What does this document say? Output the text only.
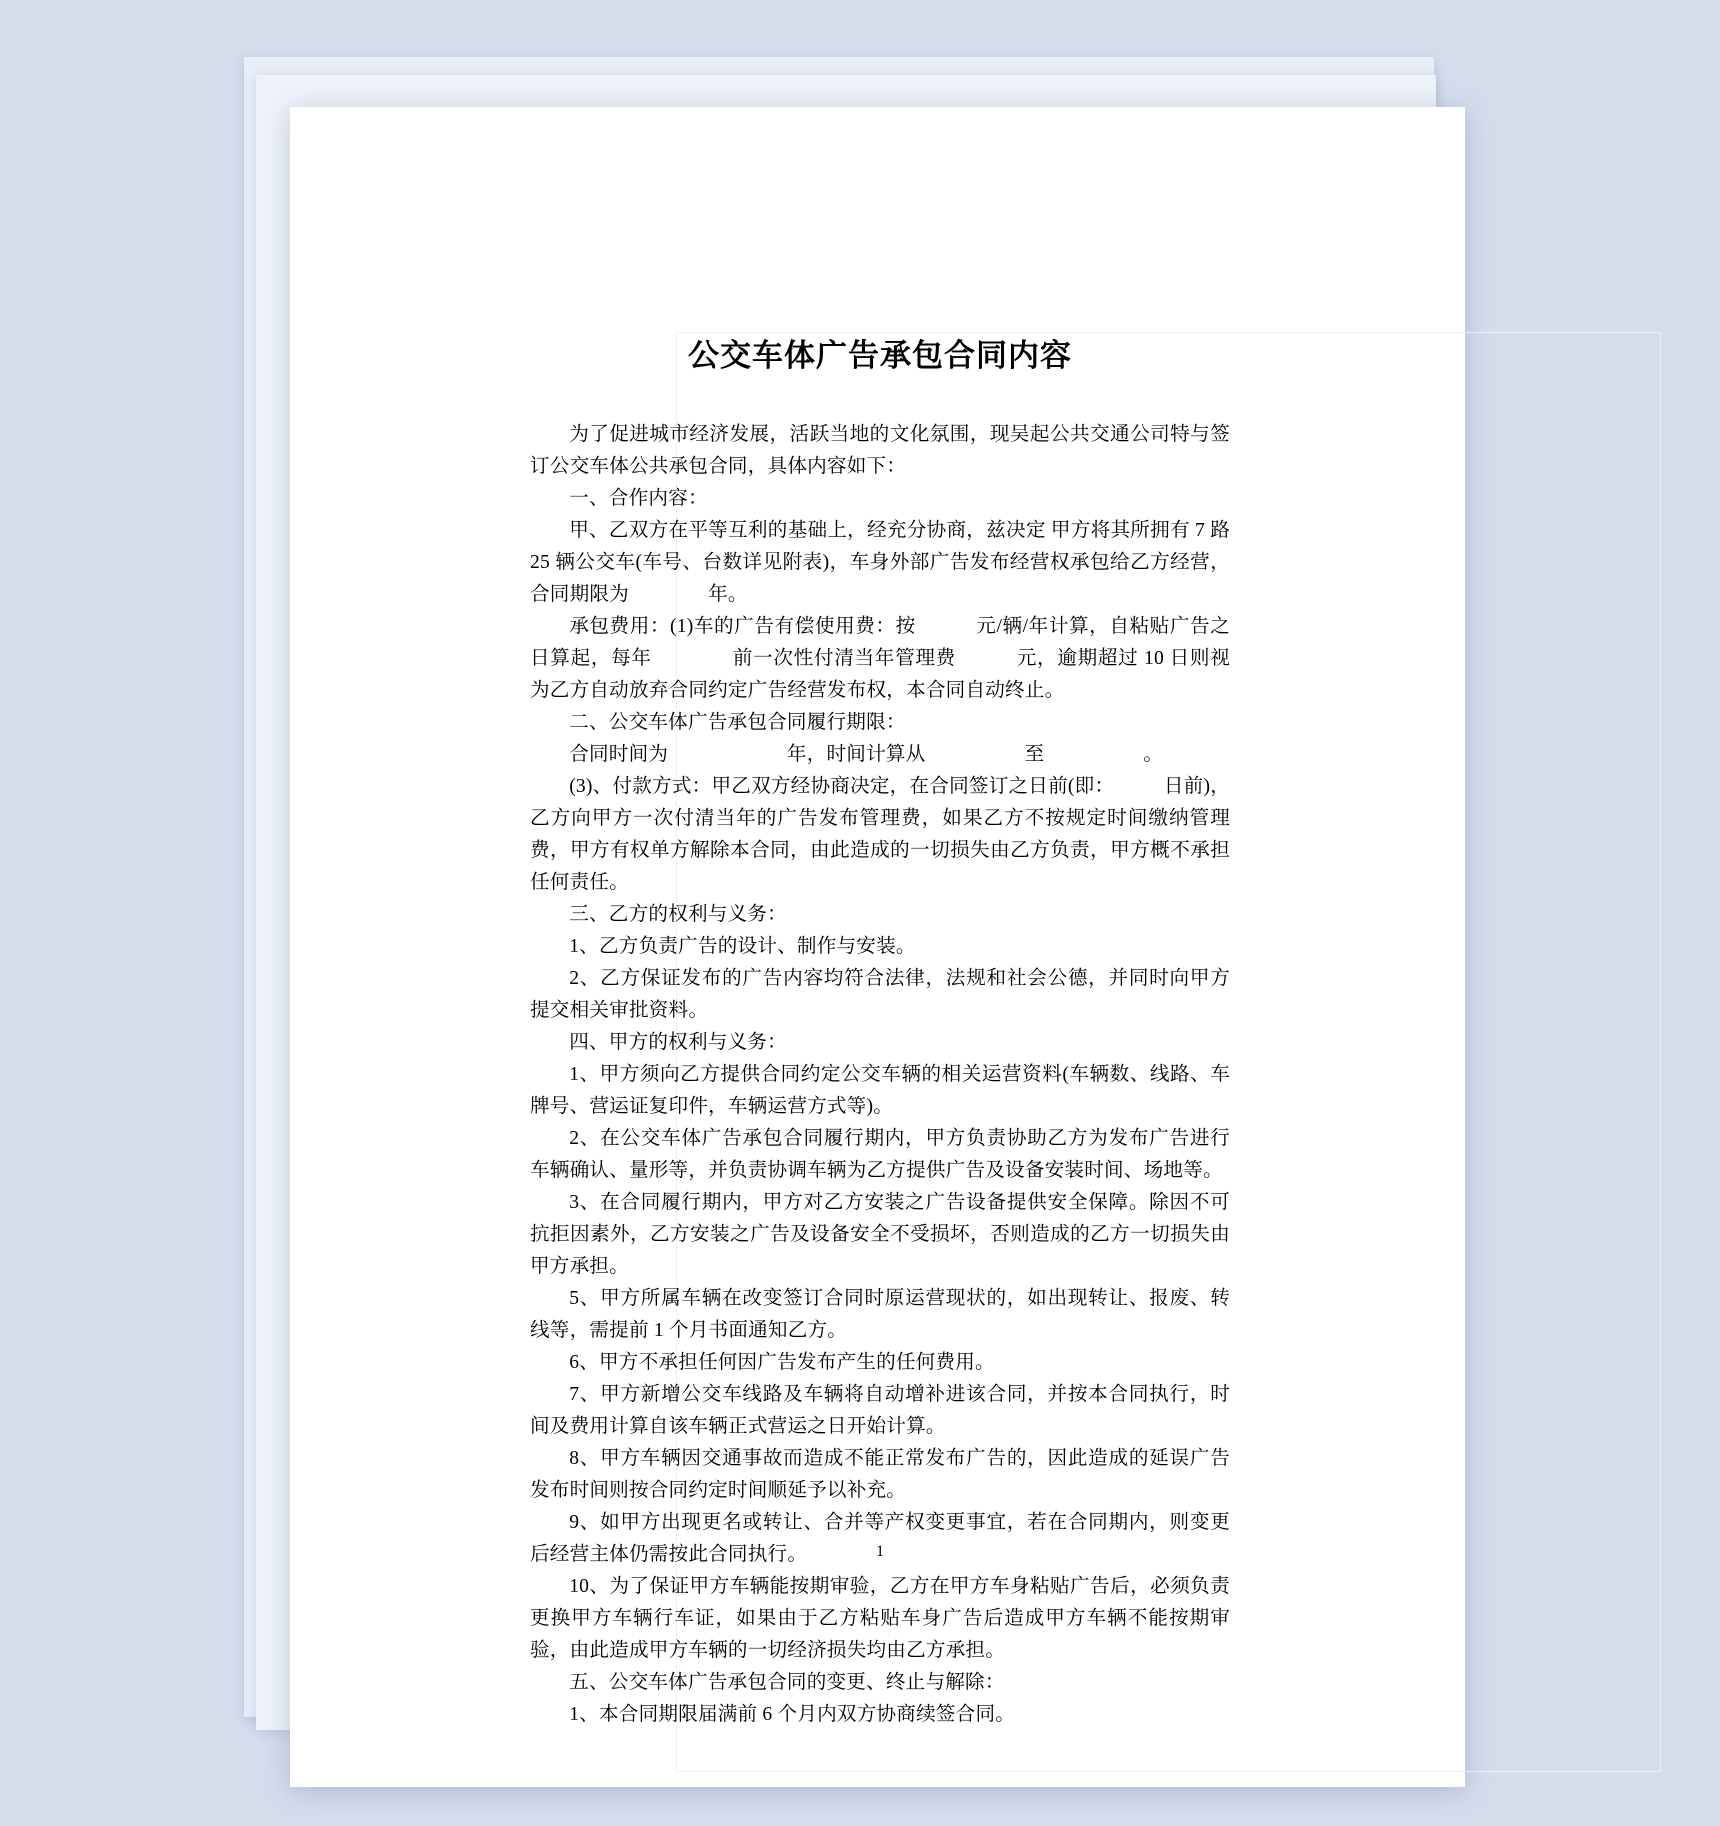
公交车体广告承包合同内容

为了促进城市经济发展，活跃当地的文化氛围，现吴起公共交通公司特与签订公交车体公共承包合同，具体内容如下：

一、合作内容：

甲、乙双方在平等互利的基础上，经充分协商，兹决定 甲方将其所拥有 7 路 25 辆公交车(车号、台数详见附表)，车身外部广告发布经营权承包给乙方经营，合同期限为　　　　年。

承包费用：(1)车的广告有偿使用费：按　　　元/辆/年计算，自粘贴广告之日算起，每年　　　　前一次性付清当年管理费　　　元，逾期超过 10 日则视为乙方自动放弃合同约定广告经营发布权，本合同自动终止。

二、公交车体广告承包合同履行期限：

合同时间为　　　　　　年，时间计算从　　　　　至　　　　　。

(3)、付款方式：甲乙双方经协商决定，在合同签订之日前(即：　　　日前)，乙方向甲方一次付清当年的广告发布管理费，如果乙方不按规定时间缴纳管理费，甲方有权单方解除本合同，由此造成的一切损失由乙方负责，甲方概不承担任何责任。

三、乙方的权利与义务：

1、乙方负责广告的设计、制作与安装。

2、乙方保证发布的广告内容均符合法律，法规和社会公德，并同时向甲方提交相关审批资料。

四、甲方的权利与义务：

1、甲方须向乙方提供合同约定公交车辆的相关运营资料(车辆数、线路、车牌号、营运证复印件，车辆运营方式等)。

2、在公交车体广告承包合同履行期内，甲方负责协助乙方为发布广告进行车辆确认、量形等，并负责协调车辆为乙方提供广告及设备安装时间、场地等。

3、在合同履行期内，甲方对乙方安装之广告设备提供安全保障。除因不可抗拒因素外，乙方安装之广告及设备安全不受损坏，否则造成的乙方一切损失由甲方承担。

5、甲方所属车辆在改变签订合同时原运营现状的，如出现转让、报废、转线等，需提前 1 个月书面通知乙方。

6、甲方不承担任何因广告发布产生的任何费用。

7、甲方新增公交车线路及车辆将自动增补进该合同，并按本合同执行，时间及费用计算自该车辆正式营运之日开始计算。

8、甲方车辆因交通事故而造成不能正常发布广告的，因此造成的延误广告发布时间则按合同约定时间顺延予以补充。

9、如甲方出现更名或转让、合并等产权变更事宜，若在合同期内，则变更后经营主体仍需按此合同执行。

10、为了保证甲方车辆能按期审验，乙方在甲方车身粘贴广告后，必须负责更换甲方车辆行车证，如果由于乙方粘贴车身广告后造成甲方车辆不能按期审验，由此造成甲方车辆的一切经济损失均由乙方承担。

五、公交车体广告承包合同的变更、终止与解除：

1、本合同期限届满前 6 个月内双方协商续签合同。

1
